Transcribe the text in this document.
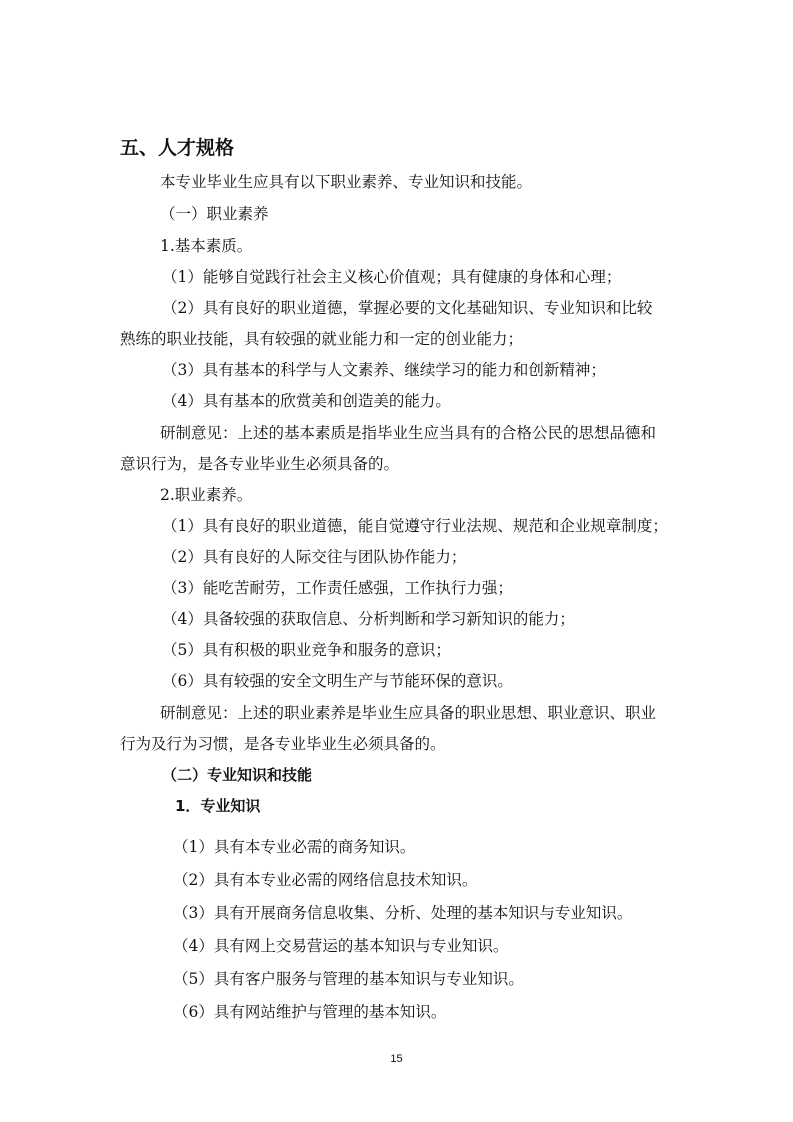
五、人才规格
本专业毕业生应具有以下职业素养、专业知识和技能。
（一）职业素养
1.基本素质。
（1）能够自觉践行社会主义核心价值观；具有健康的身体和心理；
（2）具有良好的职业道德，掌握必要的文化基础知识、专业知识和比较
熟练的职业技能，具有较强的就业能力和一定的创业能力；
（3）具有基本的科学与人文素养、继续学习的能力和创新精神；
（4）具有基本的欣赏美和创造美的能力。
研制意见：上述的基本素质是指毕业生应当具有的合格公民的思想品德和
意识行为，是各专业毕业生必须具备的。
2.职业素养。
（1）具有良好的职业道德，能自觉遵守行业法规、规范和企业规章制度；
（2）具有良好的人际交往与团队协作能力；
（3）能吃苦耐劳，工作责任感强，工作执行力强；
（4）具备较强的获取信息、分析判断和学习新知识的能力；
（5）具有积极的职业竞争和服务的意识；
（6）具有较强的安全文明生产与节能环保的意识。
研制意见：上述的职业素养是毕业生应具备的职业思想、职业意识、职业
行为及行为习惯，是各专业毕业生必须具备的。
（二）专业知识和技能
1．专业知识
（1）具有本专业必需的商务知识。
（2）具有本专业必需的网络信息技术知识。
（3）具有开展商务信息收集、分析、处理的基本知识与专业知识。
（4）具有网上交易营运的基本知识与专业知识。
（5）具有客户服务与管理的基本知识与专业知识。
（6）具有网站维护与管理的基本知识。
15
